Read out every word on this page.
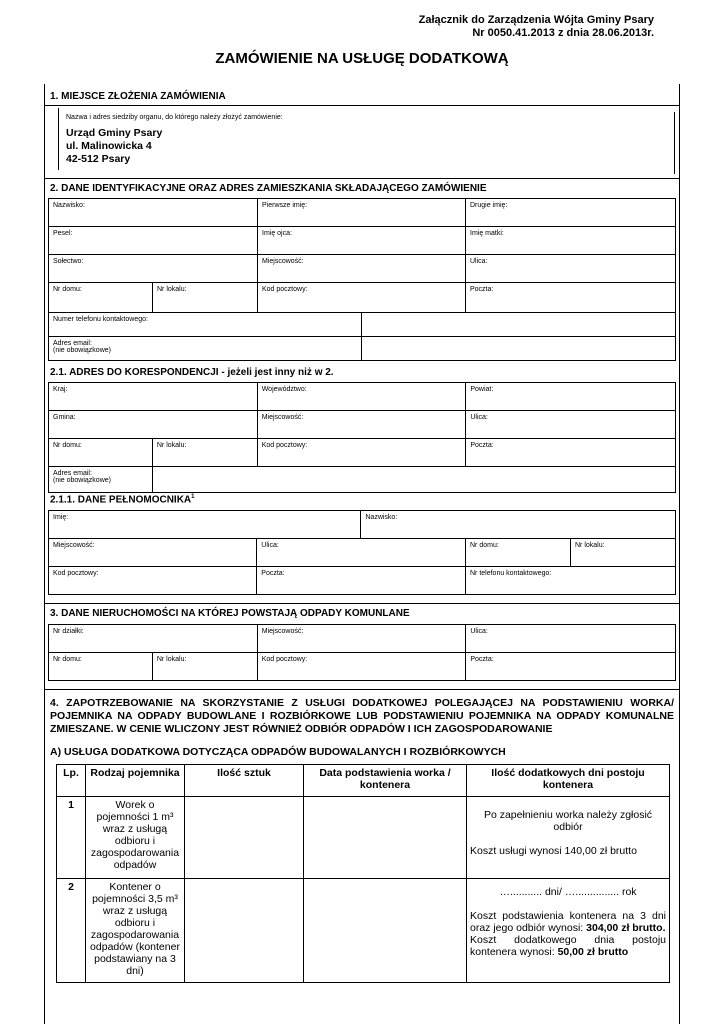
Załącznik do Zarządzenia Wójta Gminy Psary
Nr 0050.41.2013 z dnia 28.06.2013r.
ZAMÓWIENIE NA USŁUGĘ DODATKOWĄ
1. MIEJSCE ZŁOŻENIA ZAMÓWIENIA
Nazwa i adres siedziby organu, do którego należy złożyć zamówienie:
Urząd Gminy Psary
ul. Malinowicka 4
42-512 Psary
2. DANE IDENTYFIKACYJNE ORAZ ADRES ZAMIESZKANIA SKŁADAJĄCEGO ZAMÓWIENIE
Nazwisko:		Pierwsze imię:		Drugie imię:
Pesel:		Imię ojca:		Imię matki:
Sołectwo:		Miejscowość:		Ulica:
Nr domu:	Nr lokalu:	Kod pocztowy:		Poczta:
Numer telefonu kontaktowego:				

Adres email:
(nie obowiązkowe)				

2.1. ADRES DO KORESPONDENCJI - jeżeli jest inny niż w 2.
Kraj:		Województwo:	Powiat:
Gmina:		Miejscowość:	Ulica:
Nr domu:	Nr lokalu:	Kod pocztowy:	Poczta:

Adres email:
(nie obowiązkowe)			

2.1.1. DANE PEŁNOMOCNIKA$^1$
Imię:		Nazwisko:		
Miejscowość:	Ulica:		Nr domu:	Nr lokalu:
Kod pocztowy:	Poczta:		Nr telefonu kontaktowego:	
3. DANE NIERUCHOMOŚCI NA KTÓREJ POWSTAJĄ ODPADY KOMUNLANE
Nr działki:		Miejscowość:	Ulica:
Nr domu:	Nr lokalu:	Kod pocztowy:	Poczta:
4. ZAPOTRZEBOWANIE NA SKORZYSTANIE Z USŁUGI DODATKOWEJ POLEGAJĄCEJ NA PODSTAWIENIU WORKA/ POJEMNIKA NA ODPADY BUDOWLANE I ROZBIÓRKOWE LUB PODSTAWIENIU POJEMNIKA NA ODPADY KOMUNALNE ZMIESZANE. W CENIE WLICZONY JEST RÓWNIEŻ ODBIÓR ODPADÓW I ICH ZAGOSPODAROWANIE
A) USŁUGA DODATKOWA DOTYCZĄCA ODPADÓW BUDOWALANYCH I ROZBIÓRKOWYCH
Lp.	Rodzaj pojemnika	Ilość sztuk	Data podstawienia worka / kontenera	Ilość dodatkowych dni postoju kontenera
1	Worek o pojemności 1 m³ wraz z usługą odbioru i zagospodarowania odpadów			Po zapełnieniu worka należy zgłosić odbiór
Koszt usługi wynosi 140,00 zł brutto

2	Kontener o pojemności 3,5 m³ wraz z usługą odbioru i zagospodarowania odpadów (kontener podstawiany na 3 dni)			…........... dni/ …............... rok
Koszt podstawienia kontenera na 3 dni oraz jego odbiór wynosi: 304,00 zł brutto.
Koszt dodatkowego dnia postoju kontenera wynosi: 50,00 zł brutto
